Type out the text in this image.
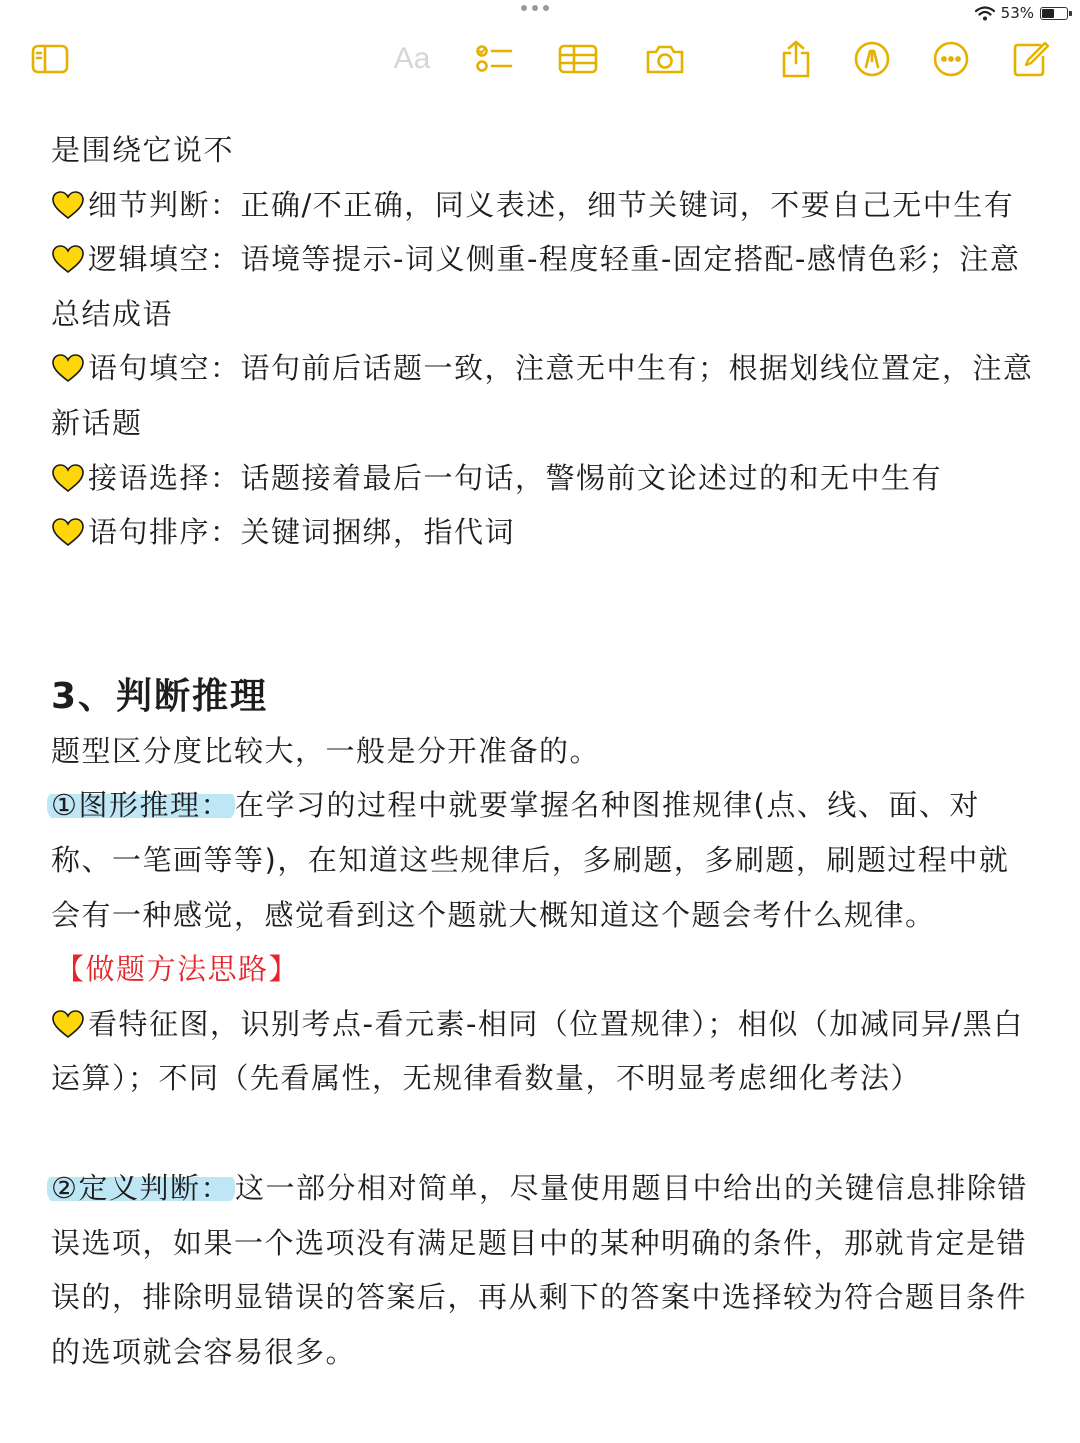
53%
Aa

是围绕它说不

细节判断：正确/不正确，同义表述，细节关键词，不要自己无中生有

逻辑填空：语境等提示-词义侧重-程度轻重-固定搭配-感情色彩；注意总结成语

语句填空：语句前后话题一致，注意无中生有；根据划线位置定，注意新话题

接语选择：话题接着最后一句话，警惕前文论述过的和无中生有

语句排序：关键词捆绑，指代词

3、判断推理

题型区分度比较大，一般是分开准备的。

①图形推理： 在学习的过程中就要掌握名种图推规律(点、线、面、对称、一笔画等等)，在知道这些规律后，多刷题，多刷题，刷题过程中就会有一种感觉，感觉看到这个题就大概知道这个题会考什么规律。

【做题方法思路】

看特征图，识别考点-看元素-相同（位置规律）；相似（加减同异/黑白运算）；不同（先看属性，无规律看数量，不明显考虑细化考法）

②定义判断： 这一部分相对简单，尽量使用题目中给出的关键信息排除错误选项，如果一个选项没有满足题目中的某种明确的条件，那就肯定是错误的，排除明显错误的答案后，再从剩下的答案中选择较为符合题目条件的选项就会容易很多。
